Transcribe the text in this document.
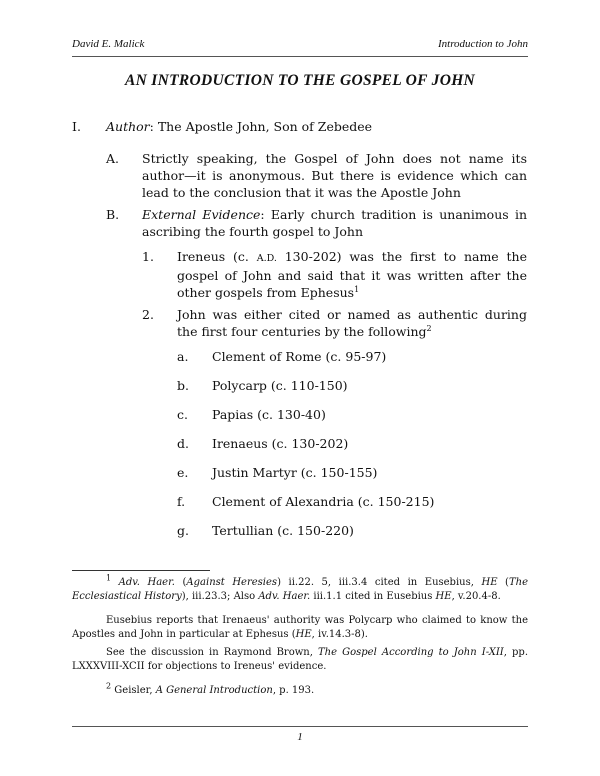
David E. Malick	Introduction to John
AN INTRODUCTION TO THE GOSPEL OF JOHN
I. Author: The Apostle John, Son of Zebedee
A. Strictly speaking, the Gospel of John does not name its author—it is anonymous. But there is evidence which can lead to the conclusion that it was the Apostle John
B. External Evidence: Early church tradition is unanimous in ascribing the fourth gospel to John
1. Ireneus (c. A.D. 130-202) was the first to name the gospel of John and said that it was written after the other gospels from Ephesus$^1$
2. John was either cited or named as authentic during the first four centuries by the following$^2$
a. Clement of Rome (c. 95-97)
b. Polycarp (c. 110-150)
c. Papias (c. 130-40)
d. Irenaeus (c. 130-202)
e. Justin Martyr (c. 150-155)
f. Clement of Alexandria (c. 150-215)
g. Tertullian (c. 150-220)
$^1$ Adv. Haer. (Against Heresies) ii.22. 5, iii.3.4 cited in Eusebius, HE (The Ecclesiastical History), iii.23.3; Also Adv. Haer. iii.1.1 cited in Eusebius HE, v.20.4-8.
Eusebius reports that Irenaeus' authority was Polycarp who claimed to know the Apostles and John in particular at Ephesus (HE, iv.14.3-8).
See the discussion in Raymond Brown, The Gospel According to John I-XII, pp. LXXXVIII-XCII for objections to Ireneus' evidence.
$^2$ Geisler, A General Introduction, p. 193.
1
